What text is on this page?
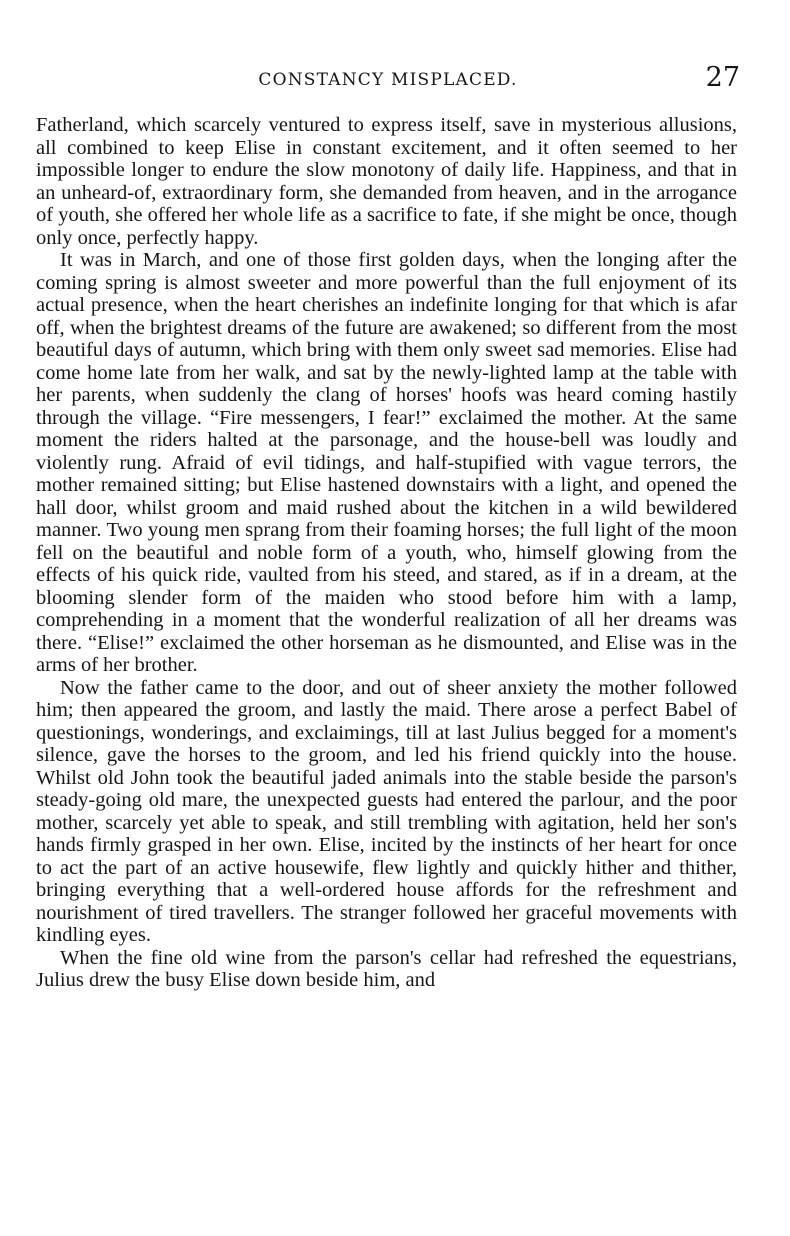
CONSTANCY MISPLACED.	27

Fatherland, which scarcely ventured to express itself, save in mysterious allusions, all combined to keep Elise in constant excitement, and it often seemed to her impossible longer to endure the slow monotony of daily life. Happiness, and that in an unheard-of, extraordinary form, she demanded from heaven, and in the arrogance of youth, she offered her whole life as a sacrifice to fate, if she might be once, though only once, perfectly happy.

It was in March, and one of those first golden days, when the longing after the coming spring is almost sweeter and more powerful than the full enjoyment of its actual presence, when the heart cherishes an indefinite longing for that which is afar off, when the brightest dreams of the future are awakened; so different from the most beautiful days of autumn, which bring with them only sweet sad memories. Elise had come home late from her walk, and sat by the newly-lighted lamp at the table with her parents, when suddenly the clang of horses' hoofs was heard coming hastily through the village. “Fire messengers, I fear!” exclaimed the mother. At the same moment the riders halted at the parsonage, and the house-bell was loudly and violently rung. Afraid of evil tidings, and half-stupified with vague terrors, the mother remained sitting; but Elise hastened downstairs with a light, and opened the hall door, whilst groom and maid rushed about the kitchen in a wild bewildered manner. Two young men sprang from their foaming horses; the full light of the moon fell on the beautiful and noble form of a youth, who, himself glowing from the effects of his quick ride, vaulted from his steed, and stared, as if in a dream, at the blooming slender form of the maiden who stood before him with a lamp, comprehending in a moment that the wonderful realization of all her dreams was there. “Elise!” exclaimed the other horseman as he dismounted, and Elise was in the arms of her brother.

Now the father came to the door, and out of sheer anxiety the mother followed him; then appeared the groom, and lastly the maid. There arose a perfect Babel of questionings, wonderings, and exclaimings, till at last Julius begged for a moment's silence, gave the horses to the groom, and led his friend quickly into the house. Whilst old John took the beautiful jaded animals into the stable beside the parson's steady-going old mare, the unexpected guests had entered the parlour, and the poor mother, scarcely yet able to speak, and still trembling with agitation, held her son's hands firmly grasped in her own. Elise, incited by the instincts of her heart for once to act the part of an active housewife, flew lightly and quickly hither and thither, bringing everything that a well-ordered house affords for the refreshment and nourishment of tired travellers. The stranger followed her graceful movements with kindling eyes.

When the fine old wine from the parson's cellar had refreshed the equestrians, Julius drew the busy Elise down beside him, and
